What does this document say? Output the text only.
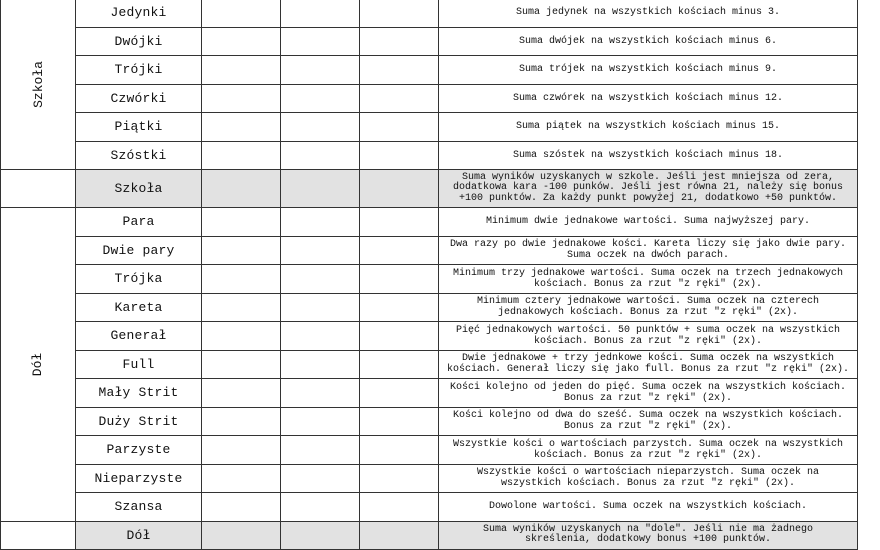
Szkoła	Jedynki				Suma jedynek na wszystkich kościach minus 3.

	Dwójki				Suma dwójek na wszystkich kościach minus 6.

	Trójki				Suma trójek na wszystkich kościach minus 9.

	Czwórki				Suma czwórek na wszystkich kościach minus 12.

	Piątki				Suma piątek na wszystkich kościach minus 15.

	Szóstki				Suma szóstek na wszystkich kościach minus 18.

	Szkoła				Suma wyników uzyskanych w szkole. Jeśli jest mniejsza od zera,
dodatkowa kara -100 punków. Jeśli jest równa 21, należy się bonus
+100 punktów. Za każdy punkt powyżej 21, dodatkowo +50 punktów.

Dół	Para				Minimum dwie jednakowe wartości. Suma najwyższej pary.

	Dwie pary				Dwa razy po dwie jednakowe kości. Kareta liczy się jako dwie pary.
Suma oczek na dwóch parach.

	Trójka				Minimum trzy jednakowe wartości. Suma oczek na trzech jednakowych
kościach. Bonus za rzut "z ręki" (2x).

	Kareta				Minimum cztery jednakowe wartości. Suma oczek na czterech
jednakowych kościach. Bonus za rzut "z ręki" (2x).

	Generał				Pięć jednakowych wartości. 50 punktów + suma oczek na wszystkich
kościach. Bonus za rzut "z ręki" (2x).

	Full				Dwie jednakowe + trzy jednkowe kości. Suma oczek na wszystkich
kościach. Generał liczy się jako full. Bonus za rzut "z ręki" (2x).

	Mały Strit				Kości kolejno od jeden do pięć. Suma oczek na wszystkich kościach.
Bonus za rzut "z ręki" (2x).

	Duży Strit				Kości kolejno od dwa do sześć. Suma oczek na wszystkich kościach.
Bonus za rzut "z ręki" (2x).

	Parzyste				Wszystkie kości o wartościach parzystch. Suma oczek na wszystkich
kościach. Bonus za rzut "z ręki" (2x).

	Nieparzyste				Wszystkie kości o wartościach nieparzystch. Suma oczek na
wszystkich kościach. Bonus za rzut "z ręki" (2x).

	Szansa				Dowolone wartości. Suma oczek na wszystkich kościach.

	Dół				Suma wyników uzyskanych na "dole". Jeśli nie ma żadnego
skreślenia, dodatkowy bonus +100 punktów.
